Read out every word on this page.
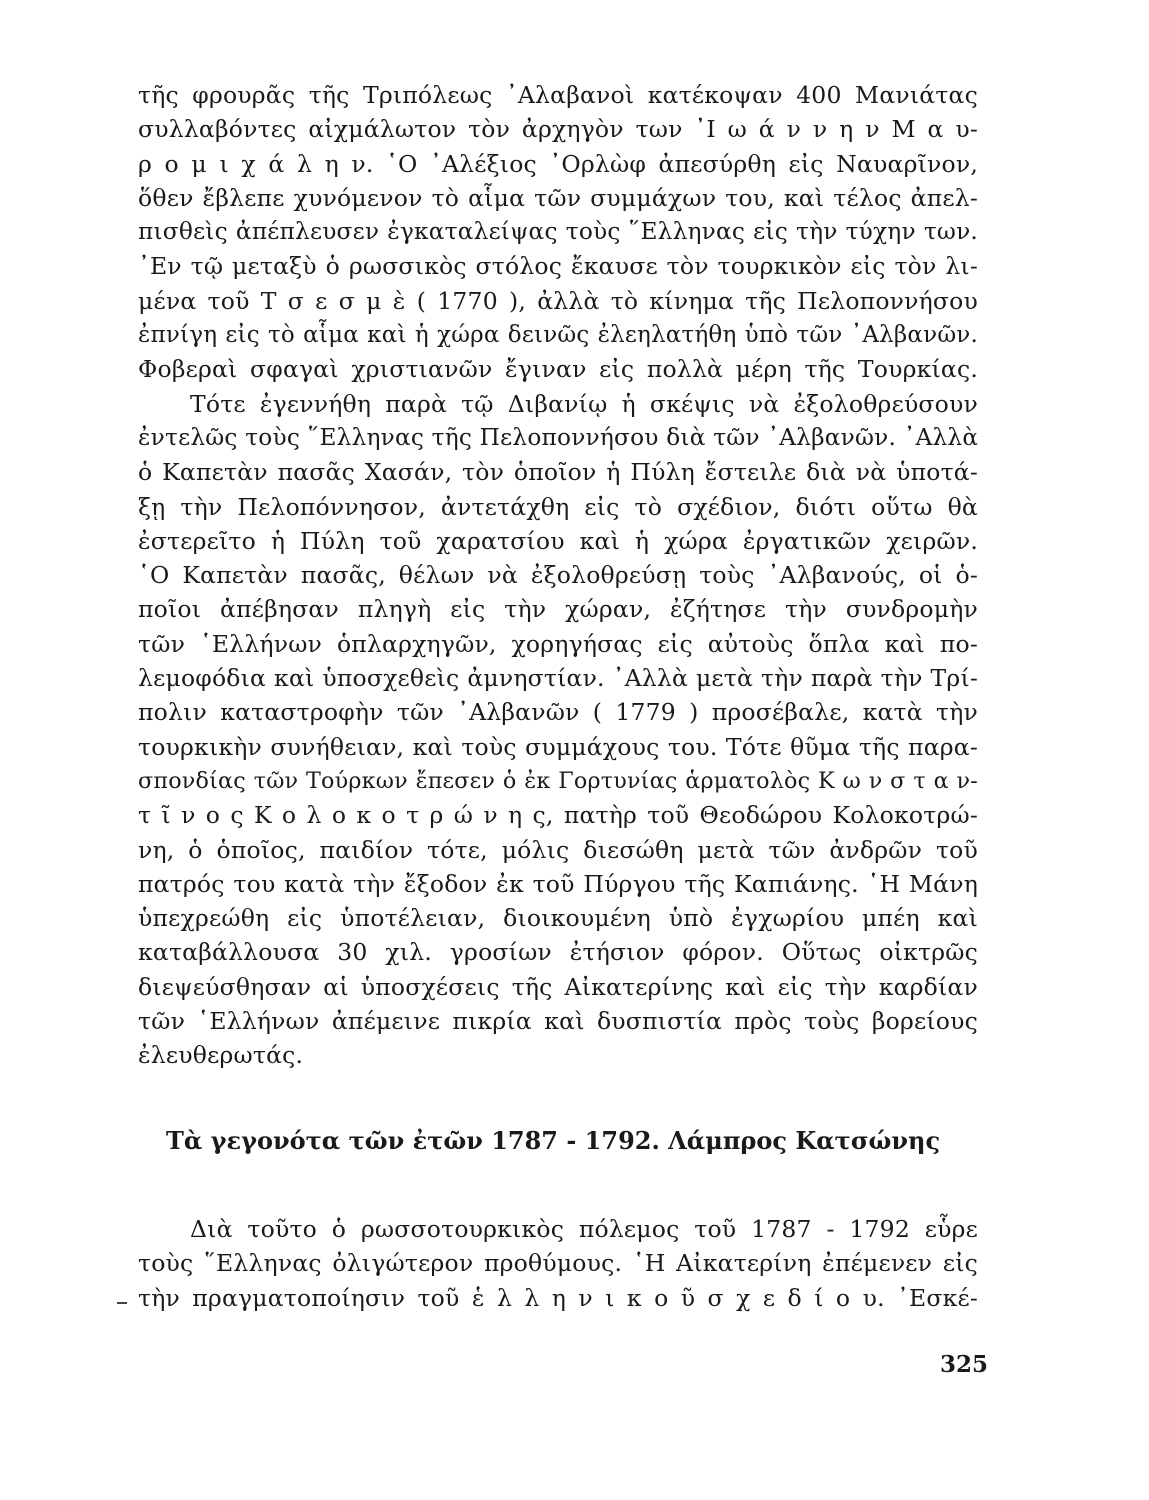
τῆς φρουρᾶς τῆς Τριπόλεως ᾽Αλαβανοὶ κατέκοψαν 400 Μανιάτας
συλλαβόντες αἰχμάλωτον τὸν ἀρχηγὸν των ᾽Ι ω ά ν ν η ν Μ α υ-
ρ ο μ ι χ ά λ η ν. ῾Ο ᾽Αλέξιος ᾽Ορλὼφ ἀπεσύρθη εἰς Ναυαρῖνον,
ὅθεν ἔβλεπε χυνόμενον τὸ αἷμα τῶν συμμάχων του, καὶ τέλος ἀπελ-
πισθεὶς ἀπέπλευσεν ἐγκαταλείψας τοὺς ῞Ελληνας εἰς τὴν τύχην των.
᾽Εν τῷ μεταξὺ ὁ ρωσσικὸς στόλος ἔκαυσε τὸν τουρκικὸν εἰς τὸν λι-
μένα τοῦ Τ σ ε σ μ ὲ ( 1770 ), ἀλλὰ τὸ κίνημα τῆς Πελοποννήσου
ἐπνίγη εἰς τὸ αἷμα καὶ ἡ χώρα δεινῶς ἐλεηλατήθη ὑπὸ τῶν ᾽Αλβανῶν.
Φοβεραὶ σφαγαὶ χριστιανῶν ἔγιναν εἰς πολλὰ μέρη τῆς Τουρκίας.
Τότε ἐγεννήθη παρὰ τῷ Διβανίῳ ἡ σκέψις νὰ ἐξολοθρεύσουν
ἐντελῶς τοὺς ῞Ελληνας τῆς Πελοποννήσου διὰ τῶν ᾽Αλβανῶν. ᾽Αλλὰ
ὁ Καπετὰν πασᾶς Χασάν, τὸν ὁποῖον ἡ Πύλη ἔστειλε διὰ νὰ ὑποτά-
ξῃ τὴν Πελοπόννησον, ἀντετάχθη εἰς τὸ σχέδιον, διότι οὕτω θὰ
ἐστερεῖτο ἡ Πύλη τοῦ χαρατσίου καὶ ἡ χώρα ἐργατικῶν χειρῶν.
῾Ο Καπετὰν πασᾶς, θέλων νὰ ἐξολοθρεύσῃ τοὺς ᾽Αλβανούς, οἱ ὁ-
ποῖοι ἀπέβησαν πληγὴ εἰς τὴν χώραν, ἐζήτησε τὴν συνδρομὴν
τῶν ῾Ελλήνων ὁπλαρχηγῶν, χορηγήσας εἰς αὐτοὺς ὅπλα καὶ πο-
λεμοφόδια καὶ ὑποσχεθεὶς ἀμνηστίαν. ᾽Αλλὰ μετὰ τὴν παρὰ τὴν Τρί-
πολιν καταστροφὴν τῶν ᾽Αλβανῶν ( 1779 ) προσέβαλε, κατὰ τὴν
τουρκικὴν συνήθειαν, καὶ τοὺς συμμάχους του. Τότε θῦμα τῆς παρα-
σπονδίας τῶν Τούρκων ἔπεσεν ὁ ἐκ Γορτυνίας ἁρματολὸς Κ ω ν σ τ α ν-
τ ῖ ν ο ς Κ ο λ ο κ ο τ ρ ώ ν η ς, πατὴρ τοῦ Θεοδώρου Κολοκοτρώ-
νη, ὁ ὁποῖος, παιδίον τότε, μόλις διεσώθη μετὰ τῶν ἀνδρῶν τοῦ
πατρός του κατὰ τὴν ἔξοδον ἐκ τοῦ Πύργου τῆς Καπιάνης. ῾Η Μάνη
ὑπεχρεώθη εἰς ὑποτέλειαν, διοικουμένη ὑπὸ ἐγχωρίου μπέη καὶ
καταβάλλουσα 30 χιλ. γροσίων ἐτήσιον φόρον. Οὕτως οἰκτρῶς
διεψεύσθησαν αἱ ὑποσχέσεις τῆς Αἰκατερίνης καὶ εἰς τὴν καρδίαν
τῶν ῾Ελλήνων ἀπέμεινε πικρία καὶ δυσπιστία πρὸς τοὺς βορείους
ἐλευθερωτάς.
Τὰ γεγονότα τῶν ἐτῶν 1787 - 1792. Λάμπρος Κατσώνης
Διὰ τοῦτο ὁ ρωσσοτουρκικὸς πόλεμος τοῦ 1787 - 1792 εὗρε
τοὺς ῞Ελληνας ὀλιγώτερον προθύμους. ῾Η Αἰκατερίνη ἐπέμενεν εἰς
τὴν πραγματοποίησιν τοῦ ἑ λ λ η ν ι κ ο ῦ σ χ ε δ ί ο υ. ᾽Εσκέ-
325
